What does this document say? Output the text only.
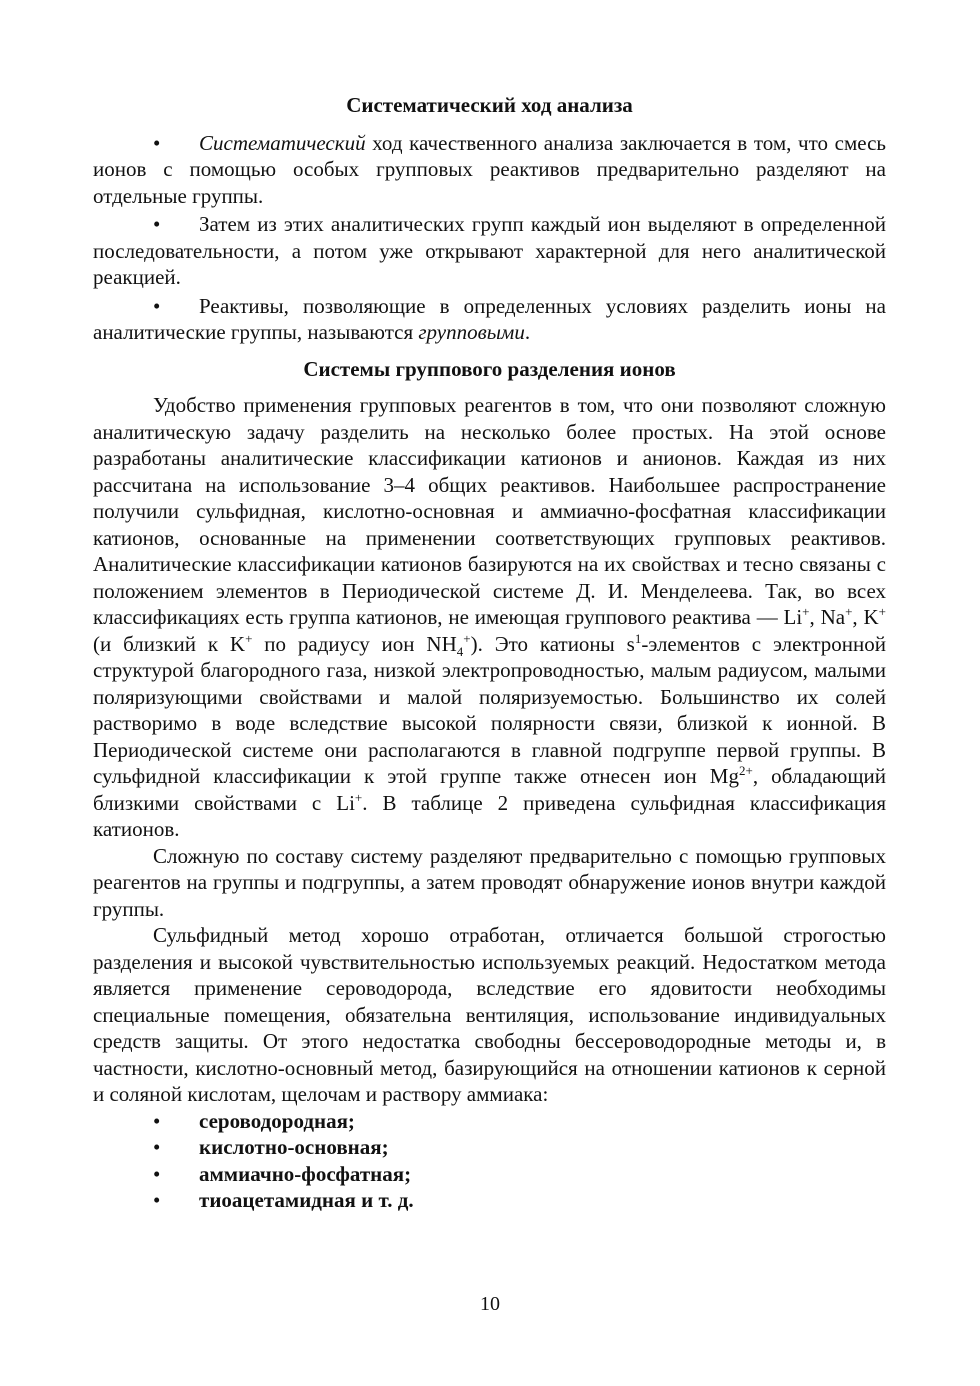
Систематический ход анализа

• Систематический ход качественного анализа заключается в том, что смесь ионов с помощью особых групповых реактивов предварительно разделяют на отдельные группы.

• Затем из этих аналитических групп каждый ион выделяют в определенной последовательности, а потом уже открывают характерной для него аналитической реакцией.

• Реактивы, позволяющие в определенных условиях разделить ионы на аналитические группы, называются групповыми.

Системы группового разделения ионов

Удобство применения групповых реагентов в том, что они позволяют сложную аналитическую задачу разделить на несколько более простых. На этой основе разработаны аналитические классификации катионов и анионов. Каждая из них рассчитана на использование 3–4 общих реактивов. Наибольшее распространение получили сульфидная, кислотно-основная и аммиачно-фосфатная классификации катионов, основанные на применении соответствующих групповых реактивов. Аналитические классификации катионов базируются на их свойствах и тесно связаны с положением элементов в Периодической системе Д. И. Менделеева. Так, во всех классификациях есть группа катионов, не имеющая группового реактива — Li+, Na+, K+ (и близкий к K+ по радиусу ион $NH_4^+$). Это катионы $s^1$-элементов с электронной структурой благородного газа, низкой электропроводностью, малым радиусом, малыми поляризующими свойствами и малой поляризуемостью. Большинство их солей растворимо в воде вследствие высокой полярности связи, близкой к ионной. В Периодической системе они располагаются в главной подгруппе первой группы. В сульфидной классификации к этой группе также отнесен ион $Mg^{2+}$, обладающий близкими свойствами с Li+. В таблице 2 приведена сульфидная классификация катионов.

Сложную по составу систему разделяют предварительно с помощью групповых реагентов на группы и подгруппы, а затем проводят обнаружение ионов внутри каждой группы.

Сульфидный метод хорошо отработан, отличается большой строгостью разделения и высокой чувствительностью используемых реакций. Недостатком метода является применение сероводорода, вследствие его ядовитости необходимы специальные помещения, обязательна вентиляция, использование индивидуальных средств защиты. От этого недостатка свободны бессероводородные методы и, в частности, кислотно-основный метод, базирующийся на отношении катионов к серной и соляной кислотам, щелочам и раствору аммиака:

• сероводородная;
• кислотно-основная;
• аммиачно-фосфатная;
• тиоацетамидная и т. д.
10
